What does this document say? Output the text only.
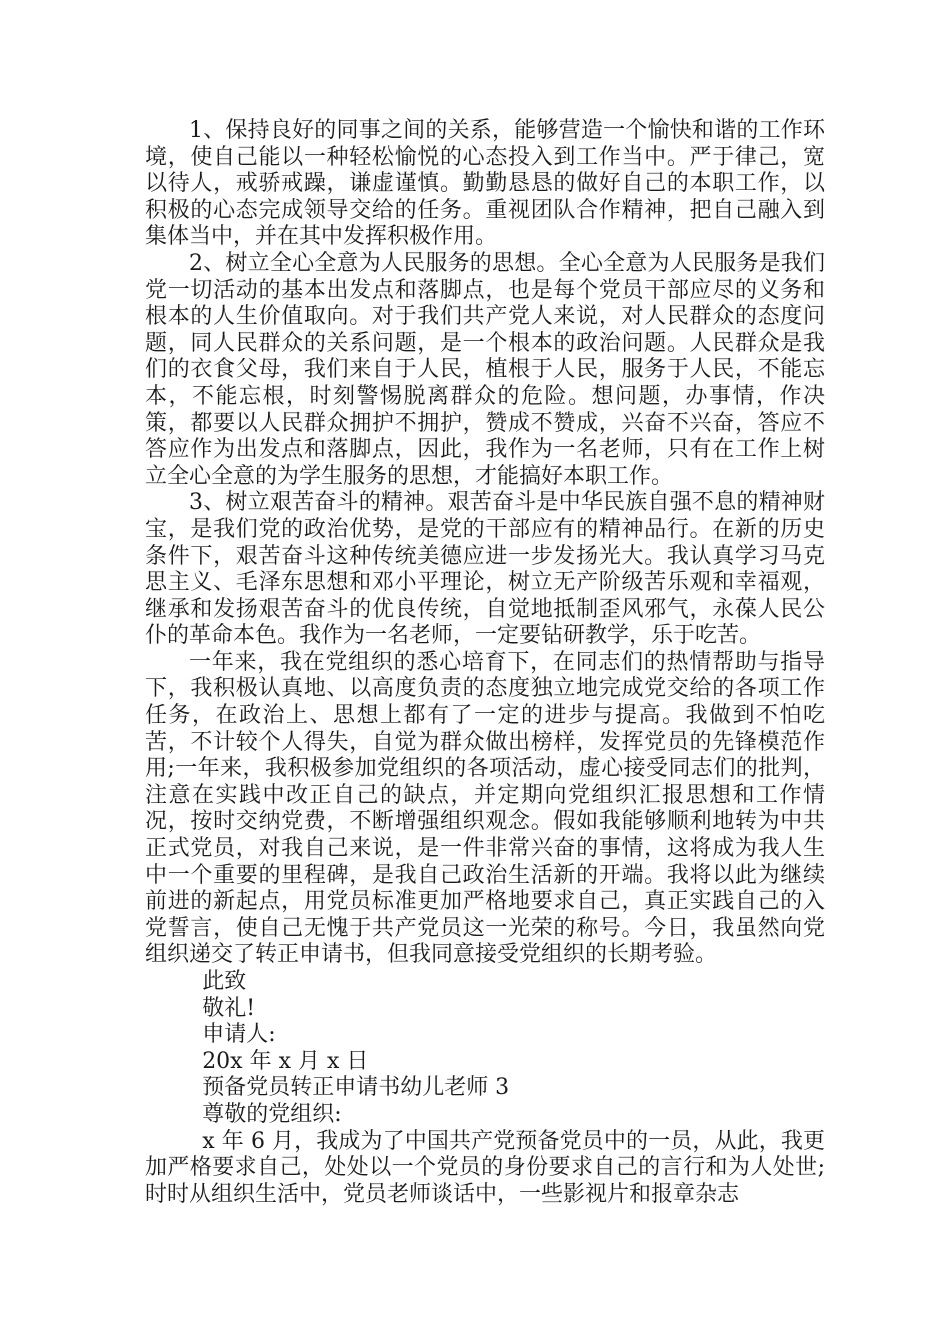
1、保持良好的同事之间的关系，能够营造一个愉快和谐的工作环境，使自己能以一种轻松愉悦的心态投入到工作当中。严于律己，宽以待人，戒骄戒躁，谦虚谨慎。勤勤恳恳的做好自己的本职工作，以积极的心态完成领导交给的任务。重视团队合作精神，把自己融入到集体当中，并在其中发挥积极作用。

2、树立全心全意为人民服务的思想。全心全意为人民服务是我们党一切活动的基本出发点和落脚点，也是每个党员干部应尽的义务和根本的人生价值取向。对于我们共产党人来说，对人民群众的态度问题，同人民群众的关系问题，是一个根本的政治问题。人民群众是我们的衣食父母，我们来自于人民，植根于人民，服务于人民，不能忘本，不能忘根，时刻警惕脱离群众的危险。想问题，办事情，作决策，都要以人民群众拥护不拥护，赞成不赞成，兴奋不兴奋，答应不答应作为出发点和落脚点，因此，我作为一名老师，只有在工作上树立全心全意的为学生服务的思想，才能搞好本职工作。

3、树立艰苦奋斗的精神。艰苦奋斗是中华民族自强不息的精神财宝，是我们党的政治优势，是党的干部应有的精神品行。在新的历史条件下，艰苦奋斗这种传统美德应进一步发扬光大。我认真学习马克思主义、毛泽东思想和邓小平理论，树立无产阶级苦乐观和幸福观，继承和发扬艰苦奋斗的优良传统，自觉地抵制歪风邪气，永葆人民公仆的革命本色。我作为一名老师，一定要钻研教学，乐于吃苦。

一年来，我在党组织的悉心培育下，在同志们的热情帮助与指导下，我积极认真地、以高度负责的态度独立地完成党交给的各项工作任务，在政治上、思想上都有了一定的进步与提高。我做到不怕吃苦，不计较个人得失，自觉为群众做出榜样，发挥党员的先锋模范作用;一年来，我积极参加党组织的各项活动，虚心接受同志们的批判，注意在实践中改正自己的缺点，并定期向党组织汇报思想和工作情况，按时交纳党费，不断增强组织观念。假如我能够顺利地转为中共正式党员，对我自己来说，是一件非常兴奋的事情，这将成为我人生中一个重要的里程碑，是我自己政治生活新的开端。我将以此为继续前进的新起点，用党员标准更加严格地要求自己，真正实践自己的入党誓言，使自己无愧于共产党员这一光荣的称号。今日，我虽然向党组织递交了转正申请书，但我同意接受党组织的长期考验。

此致

敬礼!

申请人:

20x 年 x 月 x 日

预备党员转正申请书幼儿老师 3

尊敬的党组织:

x 年 6 月，我成为了中国共产党预备党员中的一员，从此，我更加严格要求自己，处处以一个党员的身份要求自己的言行和为人处世;时时从组织生活中，党员老师谈话中，一些影视片和报章杂志
